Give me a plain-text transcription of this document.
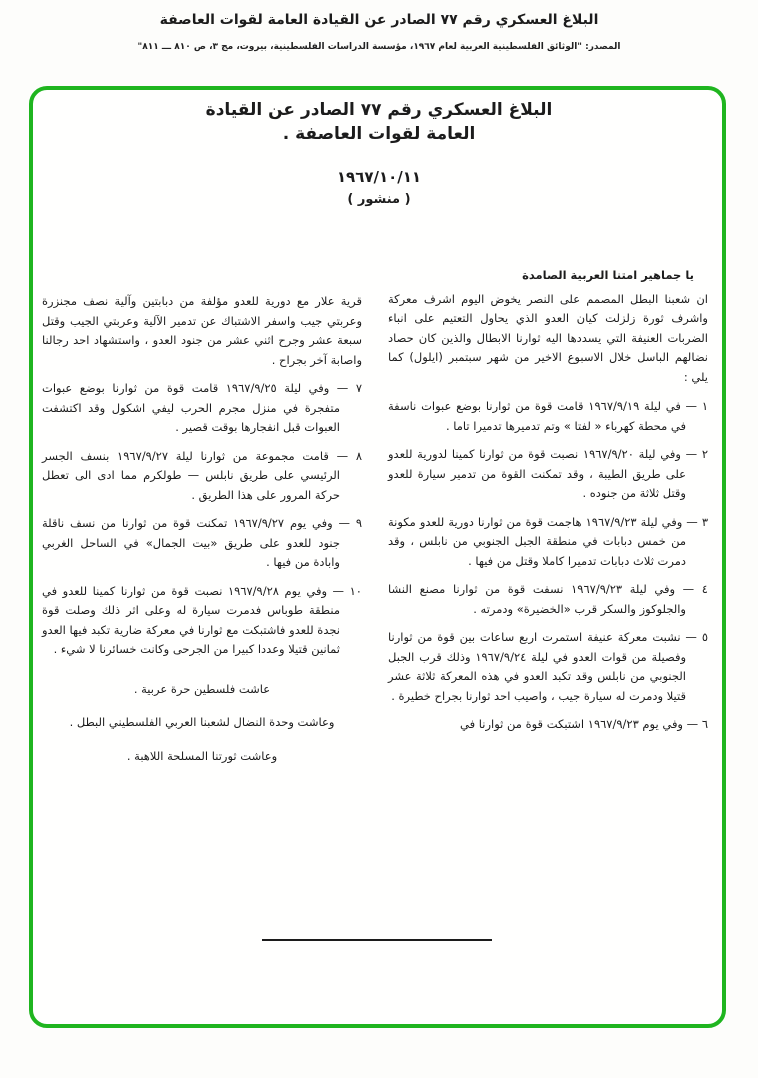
البلاغ العسكري رقم ٧٧ الصادر عن القيادة العامة لقوات العاصفة
المصدر: "الوثائق الفلسطينية العربية لعام ١٩٦٧، مؤسسة الدراسات الفلسطينية، بيروت، مج ٣، ص ٨١٠ ـــ ٨١١"
البلاغ العسكري رقم ٧٧ الصادر عن القيادة
العامة لقوات العاصفة .
١٩٦٧/١٠/١١
( منشور )

يا جماهير امتنا العربية الصامدة

ان شعبنا البطل المصمم على النصر يخوض اليوم اشرف معركة واشرف ثورة زلزلت كيان العدو الذي يحاول التعتيم على انباء الضربات العنيفة التي يسددها اليه ثوارنا الابطال والذين كان حصاد نضالهم الباسل خلال الاسبوع الاخير من شهر سبتمبر (ايلول) كما يلي :

١ — في ليلة ١٩٦٧/٩/١٩ قامت قوة من ثوارنا بوضع عبوات ناسفة في محطة كهرباء « لفتا » وتم تدميرها تدميرا تاما .

٢ — وفي ليلة ١٩٦٧/٩/٢٠ نصبت قوة من ثوارنا كمينا لدورية للعدو على طريق الطيبة ، وقد تمكنت القوة من تدمير سيارة للعدو وقتل ثلاثة من جنوده .

٣ — وفي ليلة ١٩٦٧/٩/٢٣ هاجمت قوة من ثوارنا دورية للعدو مكونة من خمس دبابات في منطقة الجبل الجنوبي من نابلس ، وقد دمرت ثلاث دبابات تدميرا كاملا وقتل من فيها .

٤ — وفي ليلة ١٩٦٧/٩/٢٣ نسفت قوة من ثوارنا مصنع النشا والجلوكوز والسكر قرب «الخضيرة» ودمرته .

٥ — نشبت معركة عنيفة استمرت اربع ساعات بين قوة من ثوارنا وفصيلة من قوات العدو في ليلة ١٩٦٧/٩/٢٤ وذلك قرب الجبل الجنوبي من نابلس وقد تكبد العدو في هذه المعركة ثلاثة عشر قتيلا ودمرت له سيارة جيب ، واصيب احد ثوارنا بجراح خطيرة .

٦ — وفي يوم ١٩٦٧/٩/٢٣ اشتبكت قوة من ثوارنا في

قرية علار مع دورية للعدو مؤلفة من دبابتين وآلية نصف مجنزرة وعربتي جيب واسفر الاشتباك عن تدمير الآلية وعربتي الجيب وقتل سبعة عشر وجرح اثني عشر من جنود العدو ، واستشهاد احد رجالنا واصابة آخر بجراح .

٧ — وفي ليلة ١٩٦٧/٩/٢٥ قامت قوة من ثوارنا بوضع عبوات متفجرة في منزل مجرم الحرب ليفي اشكول وقد اكتشفت العبوات قبل انفجارها بوقت قصير .

٨ — قامت مجموعة من ثوارنا ليلة ١٩٦٧/٩/٢٧ بنسف الجسر الرئيسي على طريق نابلس — طولكرم مما ادى الى تعطل حركة المرور على هذا الطريق .

٩ — وفي يوم ١٩٦٧/٩/٢٧ تمكنت قوة من ثوارنا من نسف ناقلة جنود للعدو على طريق «بيت الجمال» في الساحل الغربي وابادة من فيها .

١٠ — وفي يوم ١٩٦٧/٩/٢٨ نصبت قوة من ثوارنا كمينا للعدو في منطقة طوباس فدمرت سيارة له وعلى اثر ذلك وصلت قوة نجدة للعدو فاشتبكت مع ثوارنا في معركة ضارية تكبد فيها العدو ثمانين قتيلا وعددا كبيرا من الجرحى وكانت خسائرنا لا شيء .

عاشت فلسطين حرة عربية .

وعاشت وحدة النضال لشعبنا العربي الفلسطيني البطل .

وعاشت ثورتنا المسلحة اللاهبة .
